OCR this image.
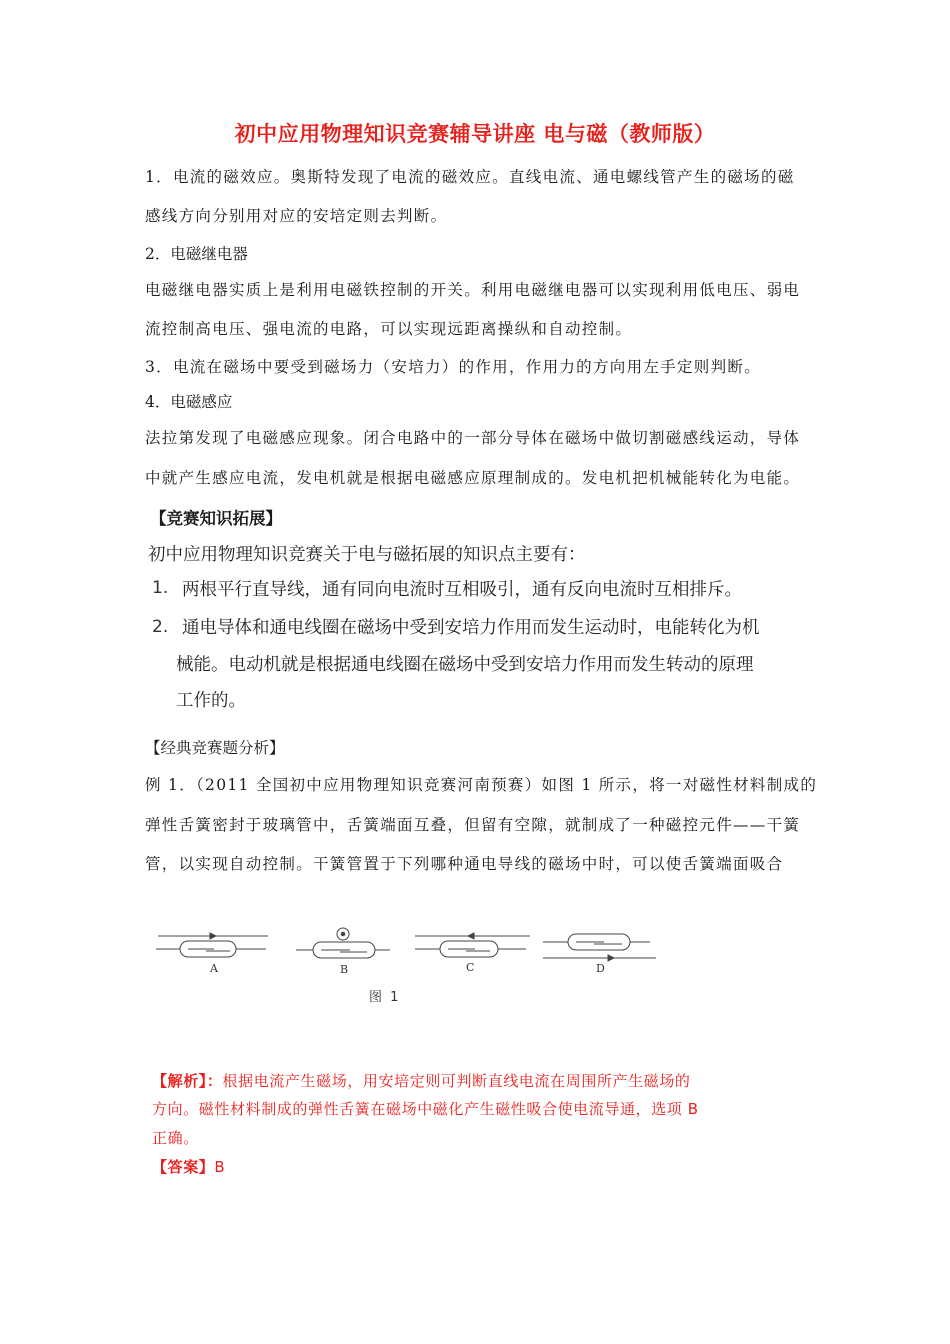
初中应用物理知识竞赛辅导讲座 电与磁（教师版）
1．电流的磁效应。奥斯特发现了电流的磁效应。直线电流、通电螺线管产生的磁场的磁
感线方向分别用对应的安培定则去判断。
2．电磁继电器
电磁继电器实质上是利用电磁铁控制的开关。利用电磁继电器可以实现利用低电压、弱电
流控制高电压、强电流的电路，可以实现远距离操纵和自动控制。
3．电流在磁场中要受到磁场力（安培力）的作用，作用力的方向用左手定则判断。
4．电磁感应
法拉第发现了电磁感应现象。闭合电路中的一部分导体在磁场中做切割磁感线运动，导体
中就产生感应电流，发电机就是根据电磁感应原理制成的。发电机把机械能转化为电能。
【竞赛知识拓展】
初中应用物理知识竞赛关于电与磁拓展的知识点主要有：
1. 两根平行直导线，通有同向电流时互相吸引，通有反向电流时互相排斥。
2. 通电导体和通电线圈在磁场中受到安培力作用而发生运动时，电能转化为机
械能。电动机就是根据通电线圈在磁场中受到安培力作用而发生转动的原理
工作的。
【经典竞赛题分析】
例 1．（2011 全国初中应用物理知识竞赛河南预赛）如图 1 所示，将一对磁性材料制成的
弹性舌簧密封于玻璃管中，舌簧端面互叠，但留有空隙，就制成了一种磁控元件——干簧
管，以实现自动控制。干簧管置于下列哪种通电导线的磁场中时，可以使舌簧端面吸合
A	B	C	D
图 1
【解析】：根据电流产生磁场，用安培定则可判断直线电流在周围所产生磁场的
方向。磁性材料制成的弹性舌簧在磁场中磁化产生磁性吸合使电流导通，选项 B
正确。
【答案】B
